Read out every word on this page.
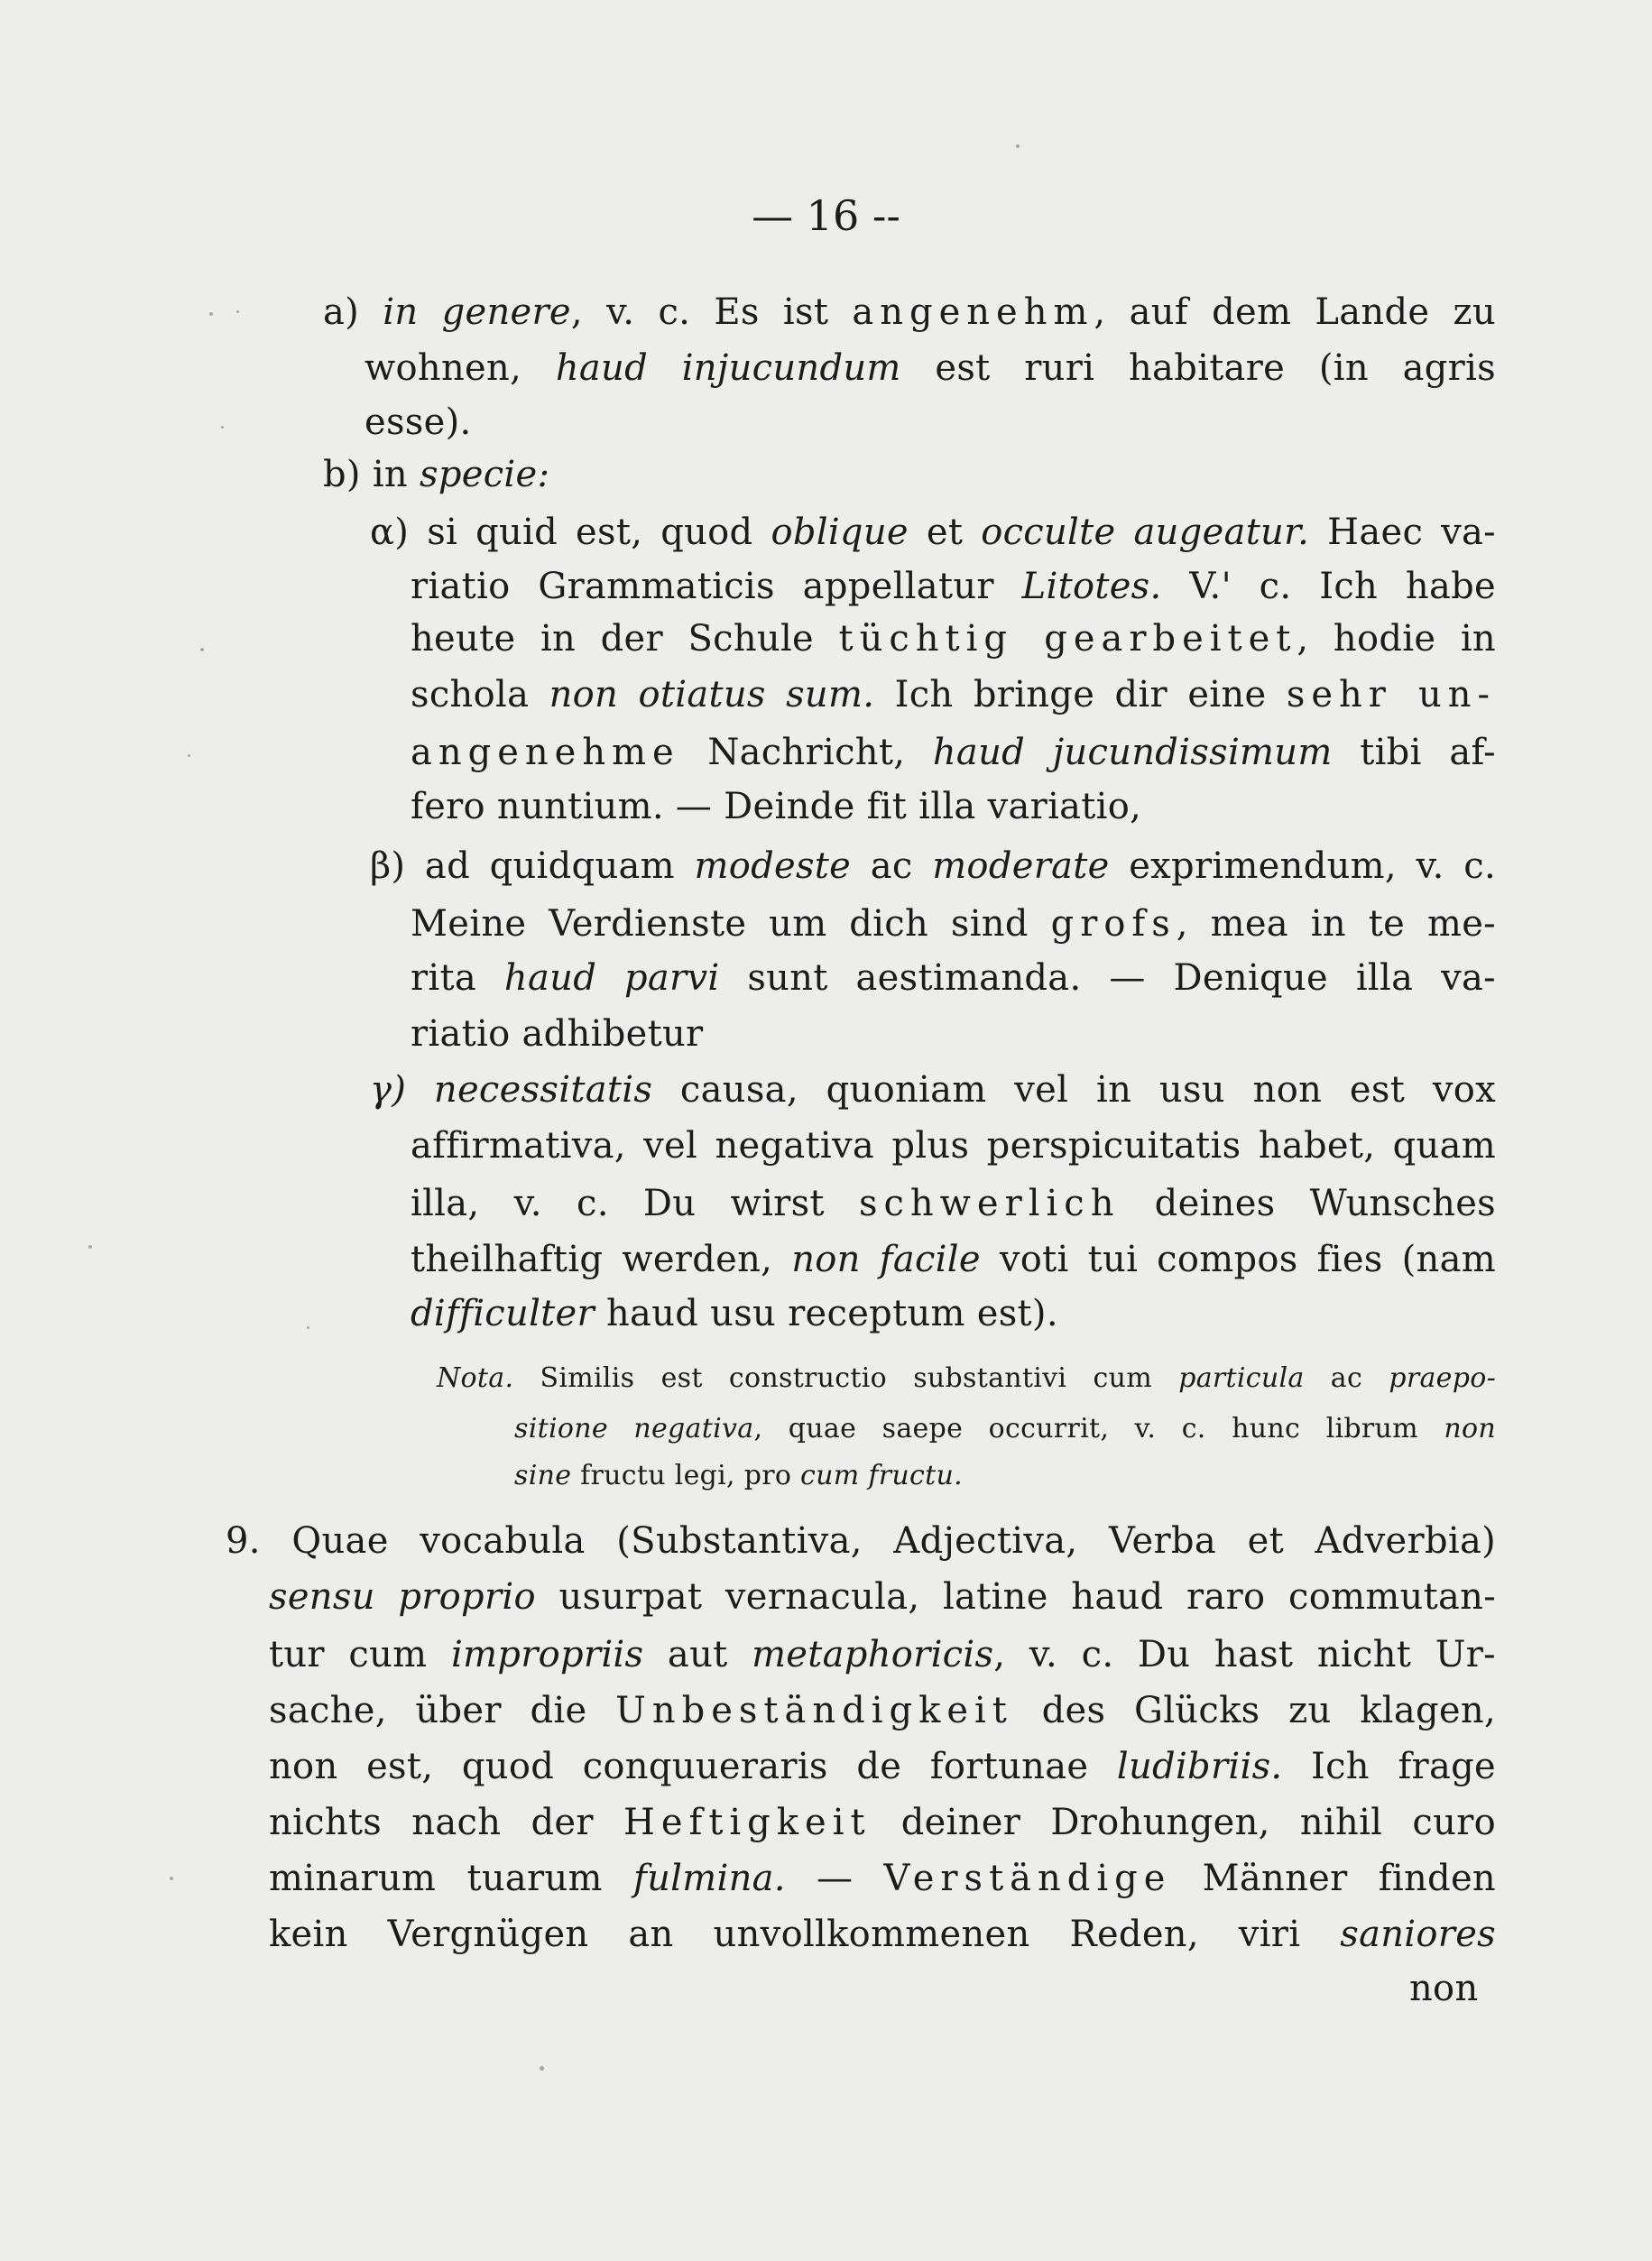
— 16 --
a) in genere, v. c. Es ist angenehm, auf dem Lande zu
wohnen, haud injucundum est ruri habitare (in agris
esse).
b) in specie:
α) si quid est, quod oblique et occulte augeatur. Haec va-
riatio Grammaticis appellatur Litotes. V.' c. Ich habe
heute in der Schule tüchtig gearbeitet, hodie in
schola non otiatus sum. Ich bringe dir eine sehr un-
angenehme Nachricht, haud jucundissimum tibi af-
fero nuntium. — Deinde fit illa variatio,
β) ad quidquam modeste ac moderate exprimendum, v. c.
Meine Verdienste um dich sind grofs, mea in te me-
rita haud parvi sunt aestimanda. — Denique illa va-
riatio adhibetur
γ) necessitatis causa, quoniam vel in usu non est vox
affirmativa, vel negativa plus perspicuitatis habet, quam
illa, v. c. Du wirst schwerlich deines Wunsches
theilhaftig werden, non facile voti tui compos fies (nam
difficulter haud usu receptum est).
Nota. Similis est constructio substantivi cum particula ac praepo-
sitione negativa, quae saepe occurrit, v. c. hunc librum non
sine fructu legi, pro cum fructu.
9. Quae vocabula (Substantiva, Adjectiva, Verba et Adverbia)
sensu proprio usurpat vernacula, latine haud raro commutan-
tur cum impropriis aut metaphoricis, v. c. Du hast nicht Ur-
sache, über die Unbeständigkeit des Glücks zu klagen,
non est, quod conquueraris de fortunae ludibriis. Ich frage
nichts nach der Heftigkeit deiner Drohungen, nihil curo
minarum tuarum fulmina. — Verständige Männer finden
kein Vergnügen an unvollkommenen Reden, viri saniores
non
